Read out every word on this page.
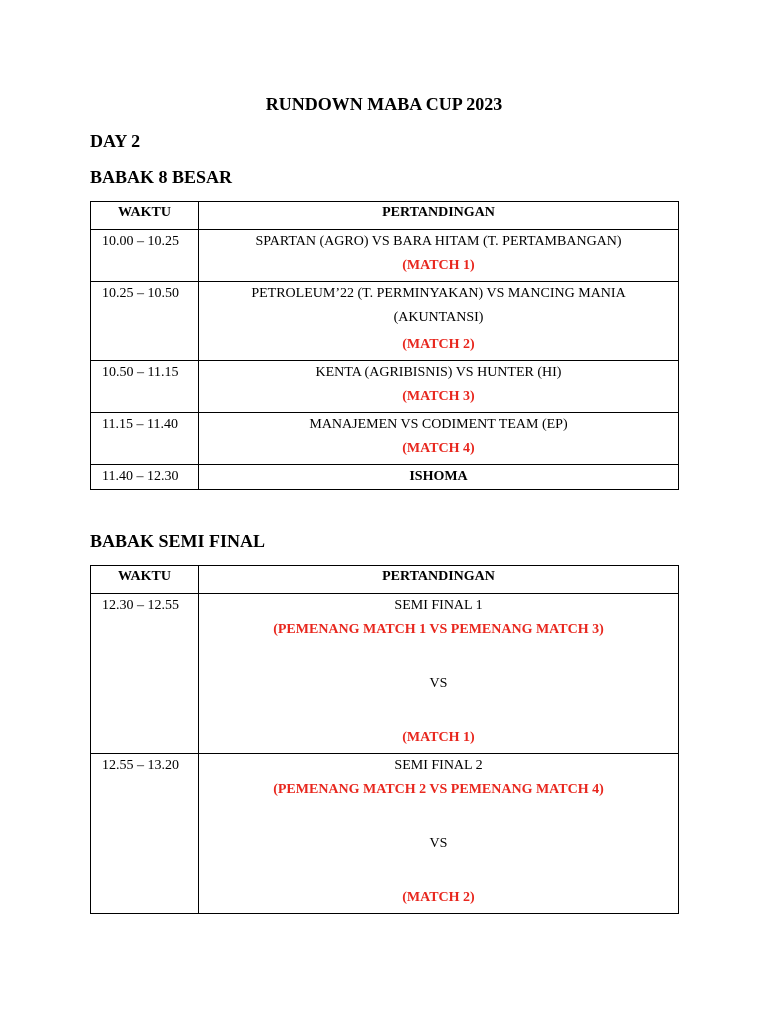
RUNDOWN MABA CUP 2023
DAY 2
BABAK 8 BESAR
WAKTU	PERTANDINGAN
10.00 – 10.25	SPARTAN (AGRO) VS BARA HITAM (T. PERTAMBANGAN)
(MATCH 1)

10.25 – 10.50	PETROLEUM’22 (T. PERMINYAKAN) VS MANCING MANIA
(AKUNTANSI)
(MATCH 2)

10.50 – 11.15	KENTA (AGRIBISNIS) VS HUNTER (HI)
(MATCH 3)

11.15 – 11.40	MANAJEMEN VS CODIMENT TEAM (EP)
(MATCH 4)

11.40 – 12.30	ISHOMA
BABAK SEMI FINAL
WAKTU	PERTANDINGAN
12.30 – 12.55	SEMI FINAL 1
(PEMENANG MATCH 1 VS PEMENANG MATCH 3)
VS
(MATCH 1)

12.55 – 13.20	SEMI FINAL 2
(PEMENANG MATCH 2 VS PEMENANG MATCH 4)
VS
(MATCH 2)
